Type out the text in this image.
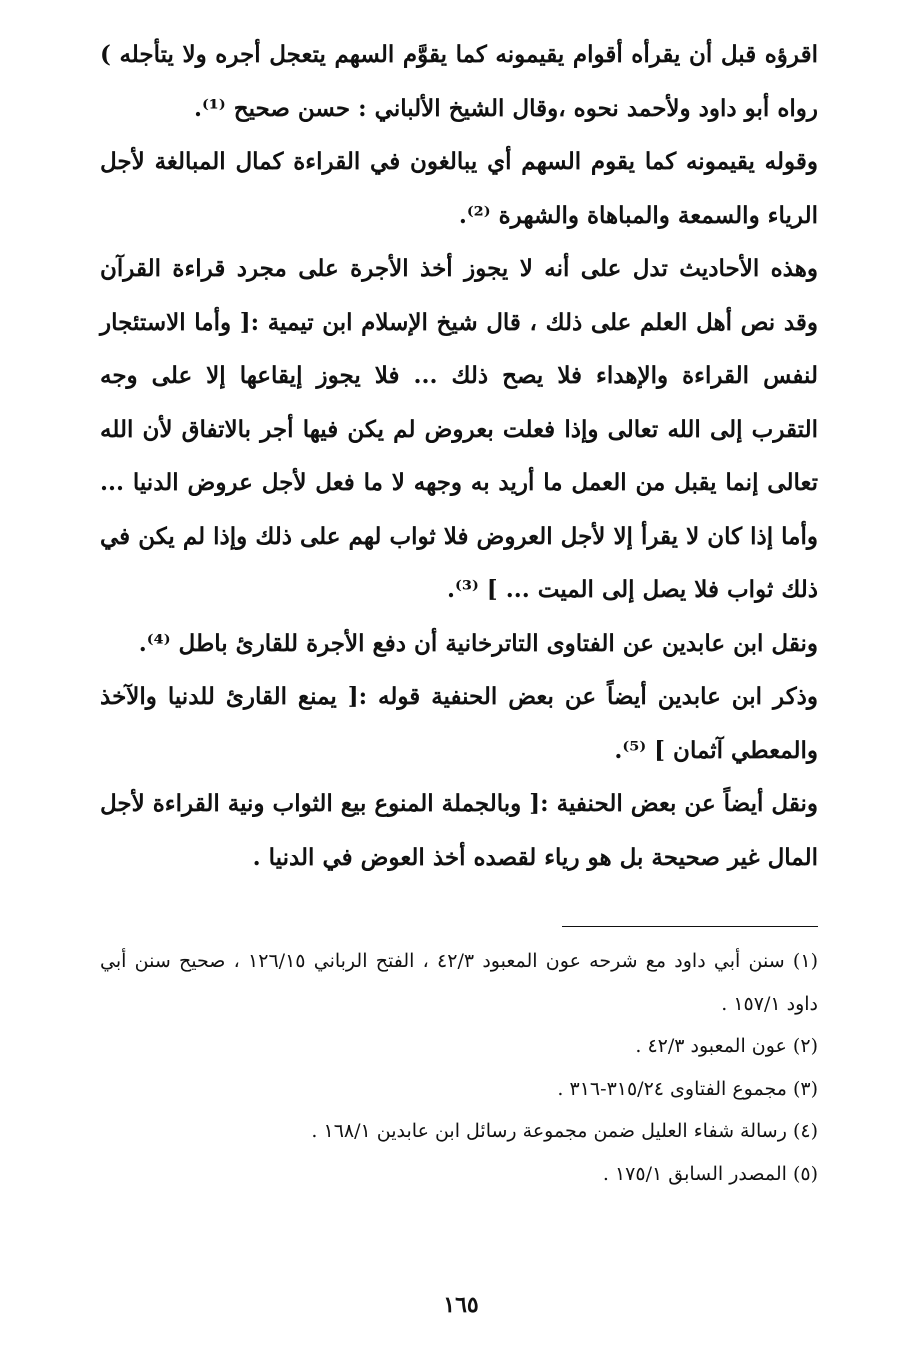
اقرؤه قبل أن يقرأه أقوام يقيمونه كما يقوَّم السهم يتعجل أجره ولا يتأجله ) رواه أبو داود ولأحمد نحوه ،وقال الشيخ الألباني : حسن صحيح ⁽¹⁾.

وقوله يقيمونه كما يقوم السهم أي يبالغون في القراءة كمال المبالغة لأجل الرياء والسمعة والمباهاة والشهرة ⁽²⁾.

وهذه الأحاديث تدل على أنه لا يجوز أخذ الأجرة على مجرد قراءة القرآن وقد نص أهل العلم على ذلك ، قال شيخ الإسلام ابن تيمية :[ وأما الاستئجار لنفس القراءة والإهداء فلا يصح ذلك ... فلا يجوز إيقاعها إلا على وجه التقرب إلى الله تعالى وإذا فعلت بعروض لم يكن فيها أجر بالاتفاق لأن الله تعالى إنما يقبل من العمل ما أريد به وجهه لا ما فعل لأجل عروض الدنيا ... وأما إذا كان لا يقرأ إلا لأجل العروض فلا ثواب لهم على ذلك وإذا لم يكن في ذلك ثواب فلا يصل إلى الميت ... ] ⁽³⁾.

ونقل ابن عابدين عن الفتاوى التاترخانية أن دفع الأجرة للقارئ باطل ⁽⁴⁾.

وذكر ابن عابدين أيضاً عن بعض الحنفية قوله :[ يمنع القارئ للدنيا والآخذ والمعطي آثمان ] ⁽⁵⁾.

ونقل أيضاً عن بعض الحنفية :[ وبالجملة المنوع بيع الثواب ونية القراءة لأجل المال غير صحيحة بل هو رياء لقصده أخذ العوض في الدنيا .

(١) سنن أبي داود مع شرحه عون المعبود ٤٢/٣ ، الفتح الرباني ١٢٦/١٥ ، صحيح سنن أبي داود ١٥٧/١ .

(٢) عون المعبود ٤٢/٣ .

(٣) مجموع الفتاوى ٣١٥/٢٤-٣١٦ .

(٤) رسالة شفاء العليل ضمن مجموعة رسائل ابن عابدين ١٦٨/١ .

(٥) المصدر السابق ١٧٥/١ .

١٦٥
